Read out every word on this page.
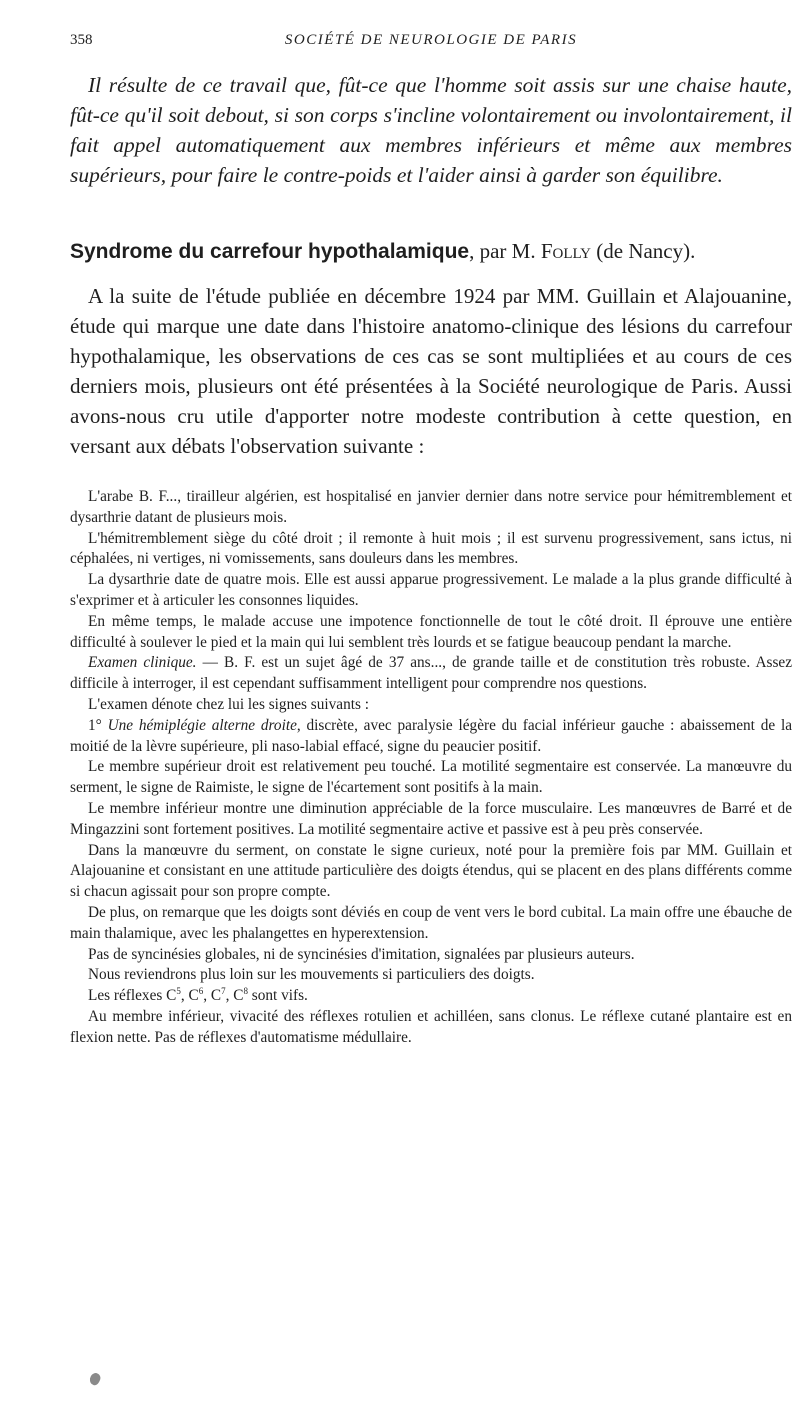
358	SOCIÉTÉ DE NEUROLOGIE DE PARIS
Il résulte de ce travail que, fût-ce que l'homme soit assis sur une chaise haute, fût-ce qu'il soit debout, si son corps s'incline volontairement ou involontairement, il fait appel automatiquement aux membres inférieurs et même aux membres supérieurs, pour faire le contre-poids et l'aider ainsi à garder son équilibre.
Syndrome du carrefour hypothalamique, par M. Folly (de Nancy).
A la suite de l'étude publiée en décembre 1924 par MM. Guillain et Alajouanine, étude qui marque une date dans l'histoire anatomo-clinique des lésions du carrefour hypothalamique, les observations de ces cas se sont multipliées et au cours de ces derniers mois, plusieurs ont été présentées à la Société neurologique de Paris. Aussi avons-nous cru utile d'apporter notre modeste contribution à cette question, en versant aux débats l'observation suivante :

L'arabe B. F..., tirailleur algérien, est hospitalisé en janvier dernier dans notre service pour hémitremblement et dysarthrie datant de plusieurs mois.

L'hémitremblement siège du côté droit ; il remonte à huit mois ; il est survenu progressivement, sans ictus, ni céphalées, ni vertiges, ni vomissements, sans douleurs dans les membres.

La dysarthrie date de quatre mois. Elle est aussi apparue progressivement. Le malade a la plus grande difficulté à s'exprimer et à articuler les consonnes liquides.

En même temps, le malade accuse une impotence fonctionnelle de tout le côté droit. Il éprouve une entière difficulté à soulever le pied et la main qui lui semblent très lourds et se fatigue beaucoup pendant la marche.

Examen clinique. — B. F. est un sujet âgé de 37 ans..., de grande taille et de constitution très robuste. Assez difficile à interroger, il est cependant suffisamment intelligent pour comprendre nos questions.

L'examen dénote chez lui les signes suivants :

1° Une hémiplégie alterne droite, discrète, avec paralysie légère du facial inférieur gauche : abaissement de la moitié de la lèvre supérieure, pli naso-labial effacé, signe du peaucier positif.

Le membre supérieur droit est relativement peu touché. La motilité segmentaire est conservée. La manœuvre du serment, le signe de Raimiste, le signe de l'écartement sont positifs à la main.

Le membre inférieur montre une diminution appréciable de la force musculaire. Les manœuvres de Barré et de Mingazzini sont fortement positives. La motilité segmentaire active et passive est à peu près conservée.

Dans la manœuvre du serment, on constate le signe curieux, noté pour la première fois par MM. Guillain et Alajouanine et consistant en une attitude particulière des doigts étendus, qui se placent en des plans différents comme si chacun agissait pour son propre compte.

De plus, on remarque que les doigts sont déviés en coup de vent vers le bord cubital. La main offre une ébauche de main thalamique, avec les phalangettes en hyperextension.

Pas de syncinésies globales, ni de syncinésies d'imitation, signalées par plusieurs auteurs.

Nous reviendrons plus loin sur les mouvements si particuliers des doigts.

Les réflexes $C^5$, $C^6$, $C^7$, $C^8$ sont vifs.

Au membre inférieur, vivacité des réflexes rotulien et achilléen, sans clonus. Le réflexe cutané plantaire est en flexion nette. Pas de réflexes d'automatisme médullaire.
